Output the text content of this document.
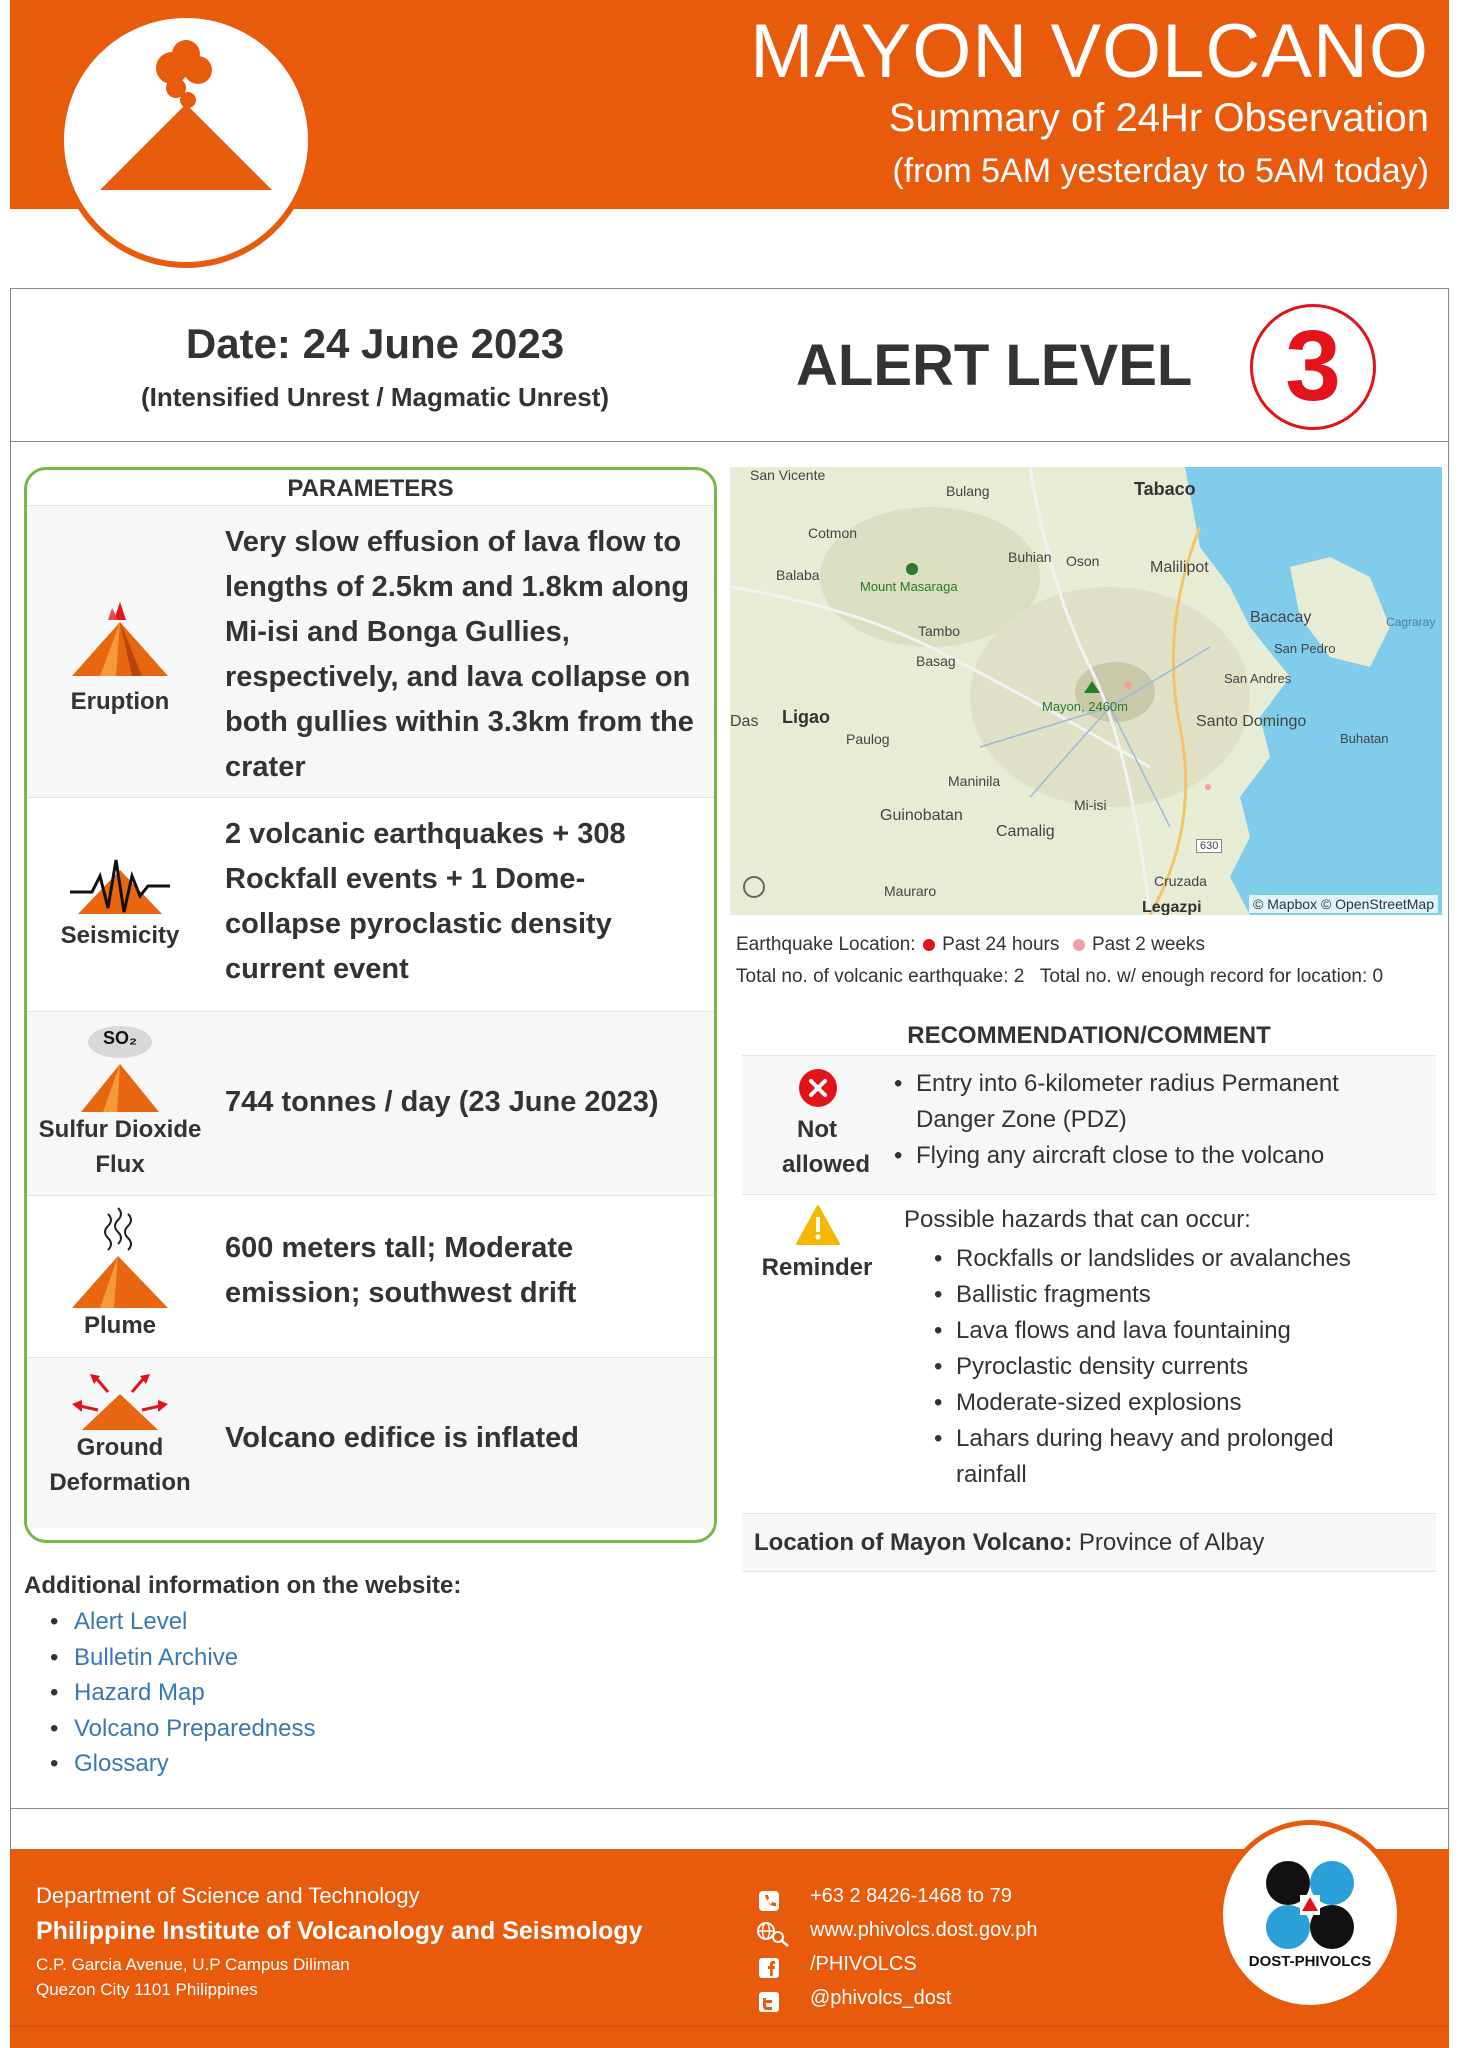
MAYON VOLCANO
Summary of 24Hr Observation
(from 5AM yesterday to 5AM today)
Date: 24 June 2023
(Intensified Unrest / Magmatic Unrest)	ALERT LEVEL 3
PARAMETERS
Eruption
Very slow effusion of lava flow to lengths of 2.5km and 1.8km along Mi-isi and Bonga Gullies, respectively, and lava collapse on both gullies within 3.3km from the crater
Seismicity
2 volcanic earthquakes + 308 Rockfall events + 1 Dome-collapse pyroclastic density current event
SO₂
Sulfur Dioxide Flux
744 tonnes / day (23 June 2023)
Plume
600 meters tall; Moderate emission; southwest drift
Ground Deformation
Volcano edifice is inflated
San Vicente
Bulang	Tabaco
Cotmon
Buhian Oson	Malilipot
Balaba
Mount Masaraga
Bacacay	Cagraray
Tambo
San Pedro
Basag
San Andres
Das Ligao
Mayon, 2460m
Santo Domingo
Buhatan
Paulog
Maninila
Mi-isi
Guinobatan
Camalig
630
Mauraro
Cruzada
Legazpi	© Mapbox © OpenStreetMap
Earthquake Location: Past 24 hours Past 2 weeks
Total no. of volcanic earthquake: 2 Total no. w/ enough record for location: 0
RECOMMENDATION/COMMENT
Not allowed
• Entry into 6-kilometer radius Permanent Danger Zone (PDZ)
• Flying any aircraft close to the volcano
Reminder
Possible hazards that can occur:
• Rockfalls or landslides or avalanches
• Ballistic fragments
• Lava flows and lava fountaining
• Pyroclastic density currents
• Moderate-sized explosions
• Lahars during heavy and prolonged rainfall
Location of Mayon Volcano: Province of Albay
Additional information on the website:
• Alert Level
• Bulletin Archive
• Hazard Map
• Volcano Preparedness
• Glossary
Department of Science and Technology
Philippine Institute of Volcanology and Seismology
C.P. Garcia Avenue, U.P Campus Diliman
Quezon City 1101 Philippines
+63 2 8426-1468 to 79
www.phivolcs.dost.gov.ph
/PHIVOLCS
@phivolcs_dost
DOST-PHIVOLCS
